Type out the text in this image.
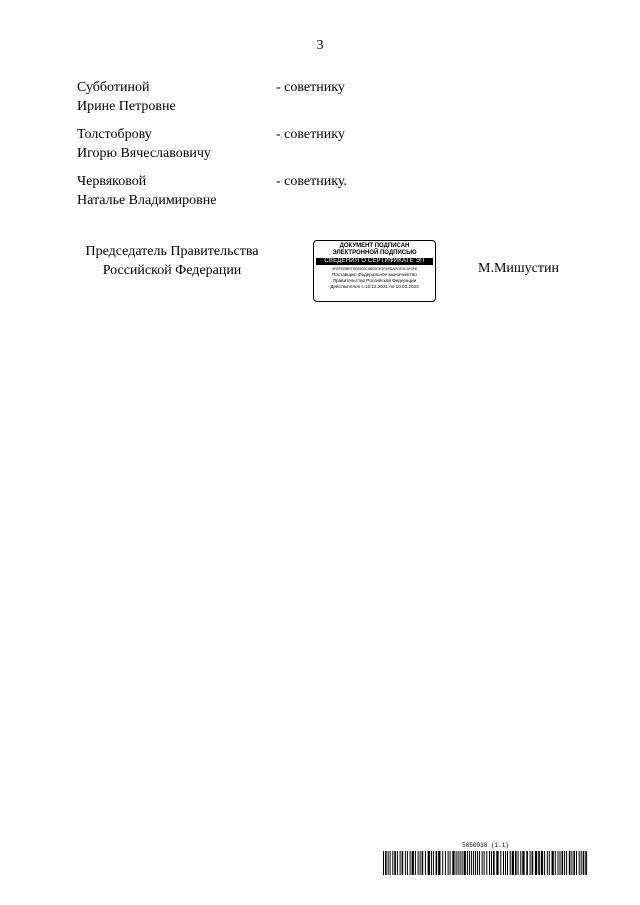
3
Субботиной
Ирине Петровне
- советнику
Толстоброву
Игорю Вячеславовичу
- советнику
Червяковой
Наталье Владимировне
- советнику.
Председатель Правительства
Российской Федерации
ДОКУМЕНТ ПОДПИСАН
ЭЛЕКТРОННОЙ ПОДПИСЬЮ
СВЕДЕНИЯ О СЕРТИФИКАТЕ ЭП
9FDFEBBEF6C5502C8B09CE1FA9CAFCE3C3F3F8
Поставщик: Федеральное казначейство
Правительство Российской Федерации
Действителен с 10.12.2021 по 10.03.2023
М.Мишустин
5850038 (1.1)
